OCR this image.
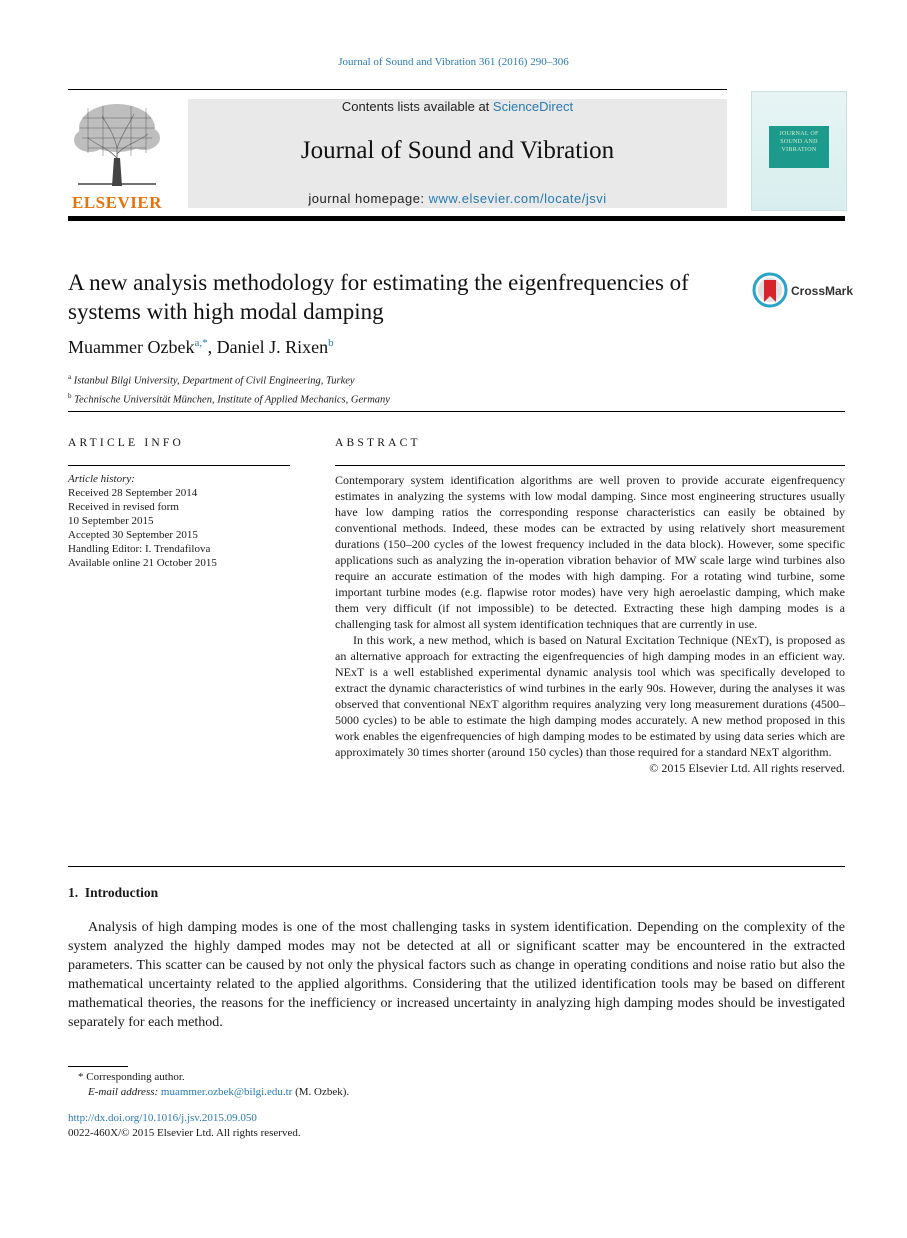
Journal of Sound and Vibration 361 (2016) 290–306
ELSEVIER
Contents lists available at ScienceDirect
Journal of Sound and Vibration
journal homepage: www.elsevier.com/locate/jsvi
JOURNAL OF SOUND AND VIBRATION
A new analysis methodology for estimating the eigenfrequencies of systems with high modal damping
CrossMark
Muammer Ozbek$^{a,*}$, Daniel J. Rixen$^b$
$^a$ Istanbul Bilgi University, Department of Civil Engineering, Turkey
$^b$ Technische Universität München, Institute of Applied Mechanics, Germany
ARTICLE INFO	ABSTRACT
Article history:
Received 28 September 2014
Received in revised form
10 September 2015
Accepted 30 September 2015
Handling Editor: I. Trendafilova
Available online 21 October 2015

Contemporary system identification algorithms are well proven to provide accurate eigenfrequency estimates in analyzing the systems with low modal damping. Since most engineering structures usually have low damping ratios the corresponding response characteristics can easily be obtained by conventional methods. Indeed, these modes can be extracted by using relatively short measurement durations (150–200 cycles of the lowest frequency included in the data block). However, some specific applications such as analyzing the in-operation vibration behavior of MW scale large wind turbines also require an accurate estimation of the modes with high damping. For a rotating wind turbine, some important turbine modes (e.g. flapwise rotor modes) have very high aeroelastic damping, which make them very difficult (if not impossible) to be detected. Extracting these high damping modes is a challenging task for almost all system identification techniques that are currently in use.

In this work, a new method, which is based on Natural Excitation Technique (NExT), is proposed as an alternative approach for extracting the eigenfrequencies of high damping modes in an efficient way. NExT is a well established experimental dynamic analysis tool which was specifically developed to extract the dynamic characteristics of wind turbines in the early 90s. However, during the analyses it was observed that conventional NExT algorithm requires analyzing very long measurement durations (4500–5000 cycles) to be able to estimate the high damping modes accurately. A new method proposed in this work enables the eigenfrequencies of high damping modes to be estimated by using data series which are approximately 30 times shorter (around 150 cycles) than those required for a standard NExT algorithm.

© 2015 Elsevier Ltd. All rights reserved.

1.  Introduction
Analysis of high damping modes is one of the most challenging tasks in system identification. Depending on the complexity of the system analyzed the highly damped modes may not be detected at all or significant scatter may be encountered in the extracted parameters. This scatter can be caused by not only the physical factors such as change in operating conditions and noise ratio but also the mathematical uncertainty related to the applied algorithms. Considering that the utilized identification tools may be based on different mathematical theories, the reasons for the inefficiency or increased uncertainty in analyzing high damping modes should be investigated separately for each method.
* Corresponding author.
E-mail address: muammer.ozbek@bilgi.edu.tr (M. Ozbek).
http://dx.doi.org/10.1016/j.jsv.2015.09.050
0022-460X/© 2015 Elsevier Ltd. All rights reserved.
